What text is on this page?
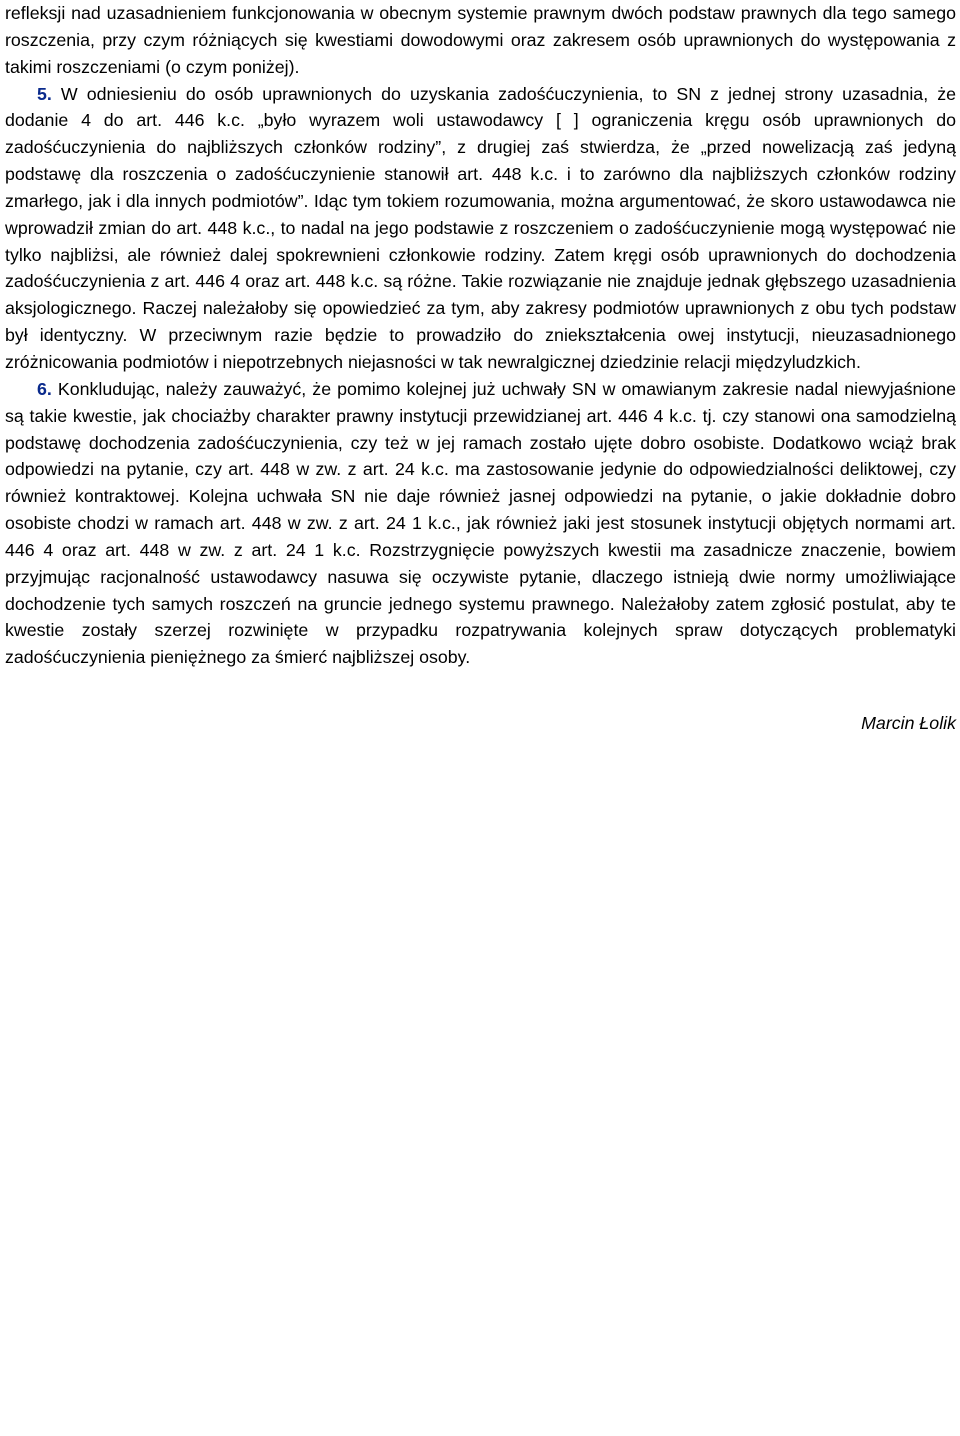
refleksji nad uzasadnieniem funkcjonowania w obecnym systemie prawnym dwóch podstaw prawnych dla tego samego roszczenia, przy czym różniących się kwestiami dowodowymi oraz zakresem osób uprawnionych do występowania z takimi roszczeniami (o czym poniżej).

5. W odniesieniu do osób uprawnionych do uzyskania zadośćuczynienia, to SN z jednej strony uzasadnia, że dodanie 4 do art. 446 k.c. „było wyrazem woli ustawodawcy [ ] ograniczenia kręgu osób uprawnionych do zadośćuczynienia do najbliższych członków rodziny”, z drugiej zaś stwierdza, że „przed nowelizacją zaś jedyną podstawę dla roszczenia o zadośćuczynienie stanowił art. 448 k.c. i to zarówno dla najbliższych członków rodziny zmarłego, jak i dla innych podmiotów”. Idąc tym tokiem rozumowania, można argumentować, że skoro ustawodawca nie wprowadził zmian do art. 448 k.c., to nadal na jego podstawie z roszczeniem o zadośćuczynienie mogą występować nie tylko najbliżsi, ale również dalej spokrewnieni członkowie rodziny. Zatem kręgi osób uprawnionych do dochodzenia zadośćuczynienia z art. 446 4 oraz art. 448 k.c. są różne. Takie rozwiązanie nie znajduje jednak głębszego uzasadnienia aksjologicznego. Raczej należałoby się opowiedzieć za tym, aby zakresy podmiotów uprawnionych z obu tych podstaw był identyczny. W przeciwnym razie będzie to prowadziło do zniekształcenia owej instytucji, nieuzasadnionego zróżnicowania podmiotów i niepotrzebnych niejasności w tak newralgicznej dziedzinie relacji międzyludzkich.

6. Konkludując, należy zauważyć, że pomimo kolejnej już uchwały SN w omawianym zakresie nadal niewyjaśnione są takie kwestie, jak chociażby charakter prawny instytucji przewidzianej art. 446 4 k.c. tj. czy stanowi ona samodzielną podstawę dochodzenia zadośćuczynienia, czy też w jej ramach zostało ujęte dobro osobiste. Dodatkowo wciąż brak odpowiedzi na pytanie, czy art. 448 w zw. z art. 24 k.c. ma zastosowanie jedynie do odpowiedzialności deliktowej, czy również kontraktowej. Kolejna uchwała SN nie daje również jasnej odpowiedzi na pytanie, o jakie dokładnie dobro osobiste chodzi w ramach art. 448 w zw. z art. 24 1 k.c., jak również jaki jest stosunek instytucji objętych normami art. 446 4 oraz art. 448 w zw. z art. 24 1 k.c. Rozstrzygnięcie powyższych kwestii ma zasadnicze znaczenie, bowiem przyjmując racjonalność ustawodawcy nasuwa się oczywiste pytanie, dlaczego istnieją dwie normy umożliwiające dochodzenie tych samych roszczeń na gruncie jednego systemu prawnego. Należałoby zatem zgłosić postulat, aby te kwestie zostały szerzej rozwinięte w przypadku rozpatrywania kolejnych spraw dotyczących problematyki zadośćuczynienia pieniężnego za śmierć najbliższej osoby.

Marcin Łolik
